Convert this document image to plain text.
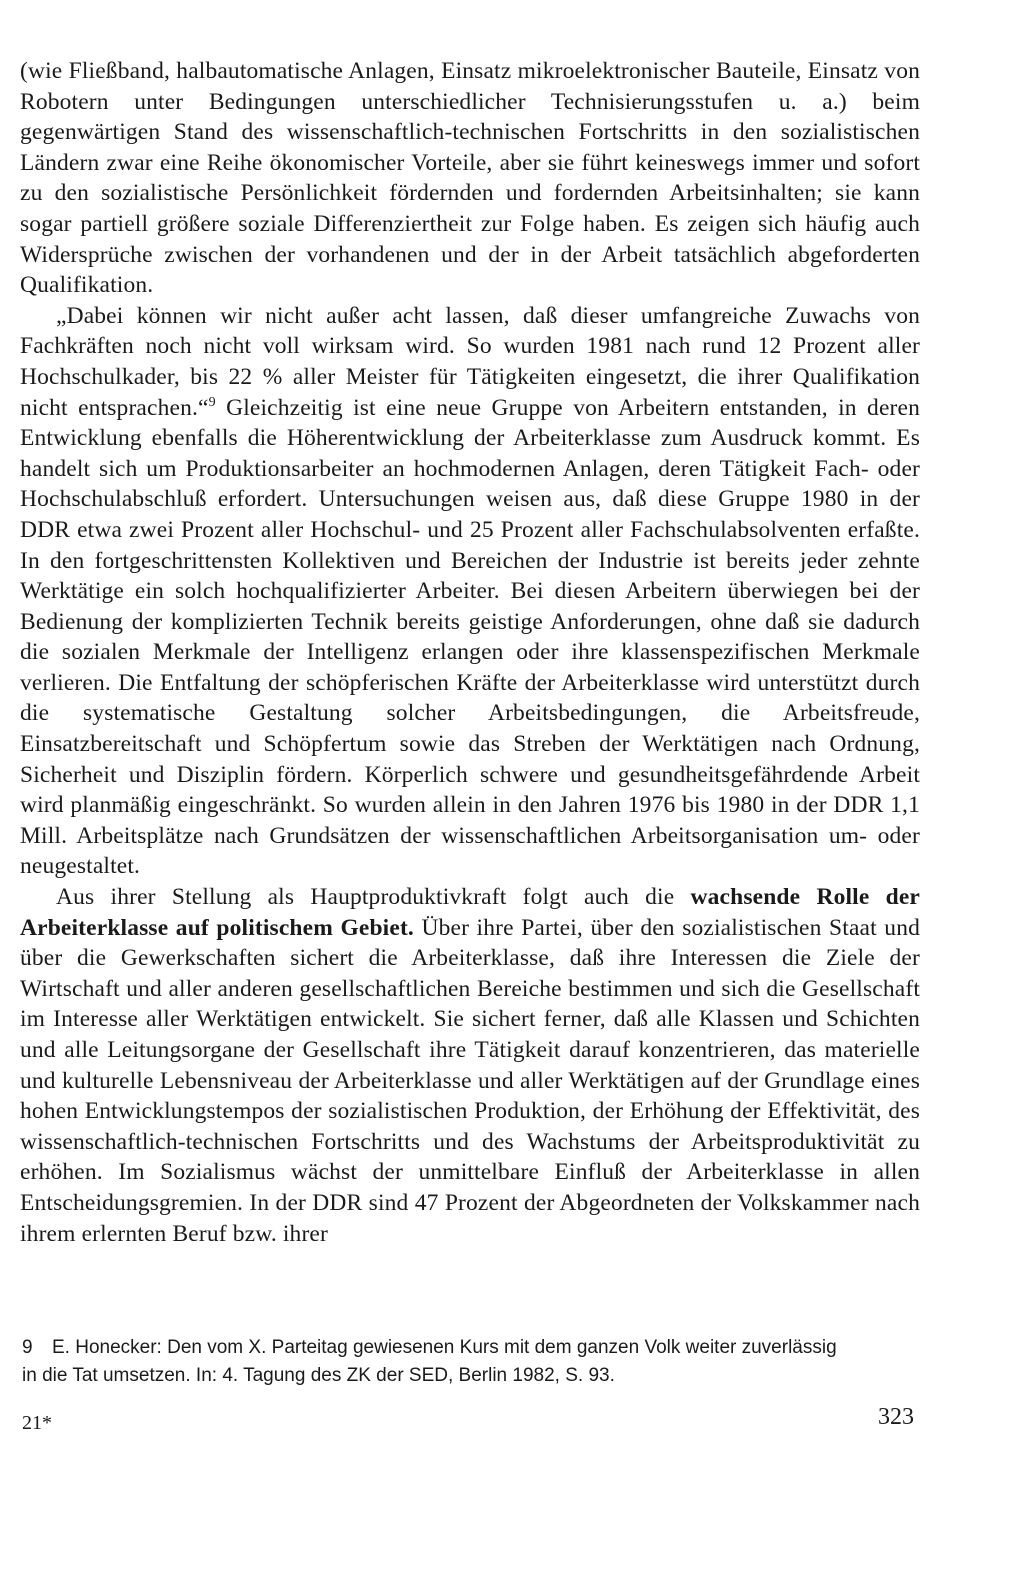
(wie Fließband, halbautomatische Anlagen, Einsatz mikroelektronischer Bauteile, Einsatz von Robotern unter Bedingungen unterschiedlicher Technisierungsstufen u. a.) beim gegenwärtigen Stand des wissenschaftlich-technischen Fortschritts in den sozialistischen Ländern zwar eine Reihe ökonomischer Vorteile, aber sie führt keineswegs immer und sofort zu den sozialistische Persönlichkeit fördernden und fordernden Arbeitsinhalten; sie kann sogar partiell größere soziale Differenziertheit zur Folge haben. Es zeigen sich häufig auch Widersprüche zwischen der vorhandenen und der in der Arbeit tatsächlich abgeforderten Qualifikation.

„Dabei können wir nicht außer acht lassen, daß dieser umfangreiche Zuwachs von Fachkräften noch nicht voll wirksam wird. So wurden 1981 nach rund 12 Prozent aller Hochschulkader, bis 22 % aller Meister für Tätigkeiten eingesetzt, die ihrer Qualifikation nicht entsprachen.“$^9$ Gleichzeitig ist eine neue Gruppe von Arbeitern entstanden, in deren Entwicklung ebenfalls die Höherentwicklung der Arbeiterklasse zum Ausdruck kommt. Es handelt sich um Produktionsarbeiter an hochmodernen Anlagen, deren Tätigkeit Fach- oder Hochschulabschluß erfordert. Untersuchungen weisen aus, daß diese Gruppe 1980 in der DDR etwa zwei Prozent aller Hochschul- und 25 Prozent aller Fachschulabsolventen erfaßte. In den fortgeschrittensten Kollektiven und Bereichen der Industrie ist bereits jeder zehnte Werktätige ein solch hochqualifizierter Arbeiter. Bei diesen Arbeitern überwiegen bei der Bedienung der komplizierten Technik bereits geistige Anforderungen, ohne daß sie dadurch die sozialen Merkmale der Intelligenz erlangen oder ihre klassenspezifischen Merkmale verlieren. Die Entfaltung der schöpferischen Kräfte der Arbeiterklasse wird unterstützt durch die systematische Gestaltung solcher Arbeitsbedingungen, die Arbeitsfreude, Einsatzbereitschaft und Schöpfertum sowie das Streben der Werktätigen nach Ordnung, Sicherheit und Disziplin fördern. Körperlich schwere und gesundheitsgefährdende Arbeit wird planmäßig eingeschränkt. So wurden allein in den Jahren 1976 bis 1980 in der DDR 1,1 Mill. Arbeitsplätze nach Grundsätzen der wissenschaftlichen Arbeitsorganisation um- oder neugestaltet.

Aus ihrer Stellung als Hauptproduktivkraft folgt auch die wachsende Rolle der Arbeiterklasse auf politischem Gebiet. Über ihre Partei, über den sozialistischen Staat und über die Gewerkschaften sichert die Arbeiterklasse, daß ihre Interessen die Ziele der Wirtschaft und aller anderen gesellschaftlichen Bereiche bestimmen und sich die Gesellschaft im Interesse aller Werktätigen entwickelt. Sie sichert ferner, daß alle Klassen und Schichten und alle Leitungsorgane der Gesellschaft ihre Tätigkeit darauf konzentrieren, das materielle und kulturelle Lebensniveau der Arbeiterklasse und aller Werktätigen auf der Grundlage eines hohen Entwicklungstempos der sozialistischen Produktion, der Erhöhung der Effektivität, des wissenschaftlich-technischen Fortschritts und des Wachstums der Arbeitsproduktivität zu erhöhen. Im Sozialismus wächst der unmittelbare Einfluß der Arbeiterklasse in allen Entscheidungsgremien. In der DDR sind 47 Prozent der Abgeordneten der Volkskammer nach ihrem erlernten Beruf bzw. ihrer

9 E. Honecker: Den vom X. Parteitag gewiesenen Kurs mit dem ganzen Volk weiter zuverlässig
in die Tat umsetzen. In: 4. Tagung des ZK der SED, Berlin 1982, S. 93.
21*	323
